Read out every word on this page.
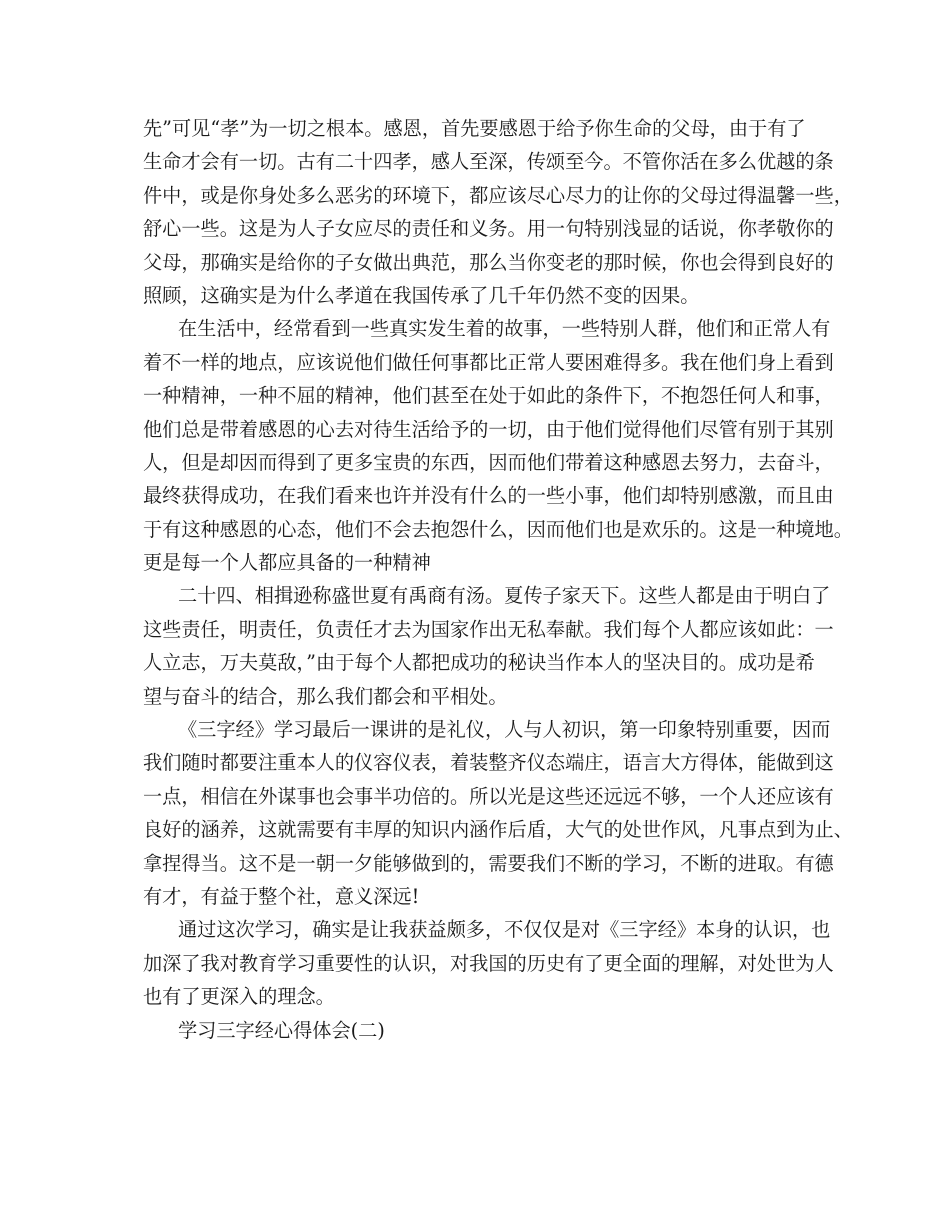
先”可见“孝”为一切之根本。感恩，首先要感恩于给予你生命的父母，由于有了
生命才会有一切。古有二十四孝，感人至深，传颂至今。不管你活在多么优越的条
件中，或是你身处多么恶劣的环境下，都应该尽心尽力的让你的父母过得温馨一些，
舒心一些。这是为人子女应尽的责任和义务。用一句特别浅显的话说，你孝敬你的
父母，那确实是给你的子女做出典范，那么当你变老的那时候，你也会得到良好的
照顾，这确实是为什么孝道在我国传承了几千年仍然不变的因果。
在生活中，经常看到一些真实发生着的故事，一些特别人群，他们和正常人有
着不一样的地点，应该说他们做任何事都比正常人要困难得多。我在他们身上看到
一种精神，一种不屈的精神，他们甚至在处于如此的条件下，不抱怨任何人和事，
他们总是带着感恩的心去对待生活给予的一切，由于他们觉得他们尽管有别于其别
人，但是却因而得到了更多宝贵的东西，因而他们带着这种感恩去努力，去奋斗，
最终获得成功，在我们看来也许并没有什么的一些小事，他们却特别感激，而且由
于有这种感恩的心态，他们不会去抱怨什么，因而他们也是欢乐的。这是一种境地。
更是每一个人都应具备的一种精神
二十四、相揖逊称盛世夏有禹商有汤。夏传子家天下。这些人都是由于明白了
这些责任，明责任，负责任才去为国家作出无私奉献。我们每个人都应该如此：一
人立志，万夫莫敌，”由于每个人都把成功的秘诀当作本人的坚决目的。成功是希
望与奋斗的结合，那么我们都会和平相处。
《三字经》学习最后一课讲的是礼仪，人与人初识，第一印象特别重要，因而
我们随时都要注重本人的仪容仪表，着装整齐仪态端庄，语言大方得体，能做到这
一点，相信在外谋事也会事半功倍的。所以光是这些还远远不够，一个人还应该有
良好的涵养，这就需要有丰厚的知识内涵作后盾，大气的处世作风，凡事点到为止、
拿捏得当。这不是一朝一夕能够做到的，需要我们不断的学习，不断的进取。有德
有才，有益于整个社，意义深远!
通过这次学习，确实是让我获益颇多，不仅仅是对《三字经》本身的认识，也
加深了我对教育学习重要性的认识，对我国的历史有了更全面的理解，对处世为人
也有了更深入的理念。
学习三字经心得体会(二)
